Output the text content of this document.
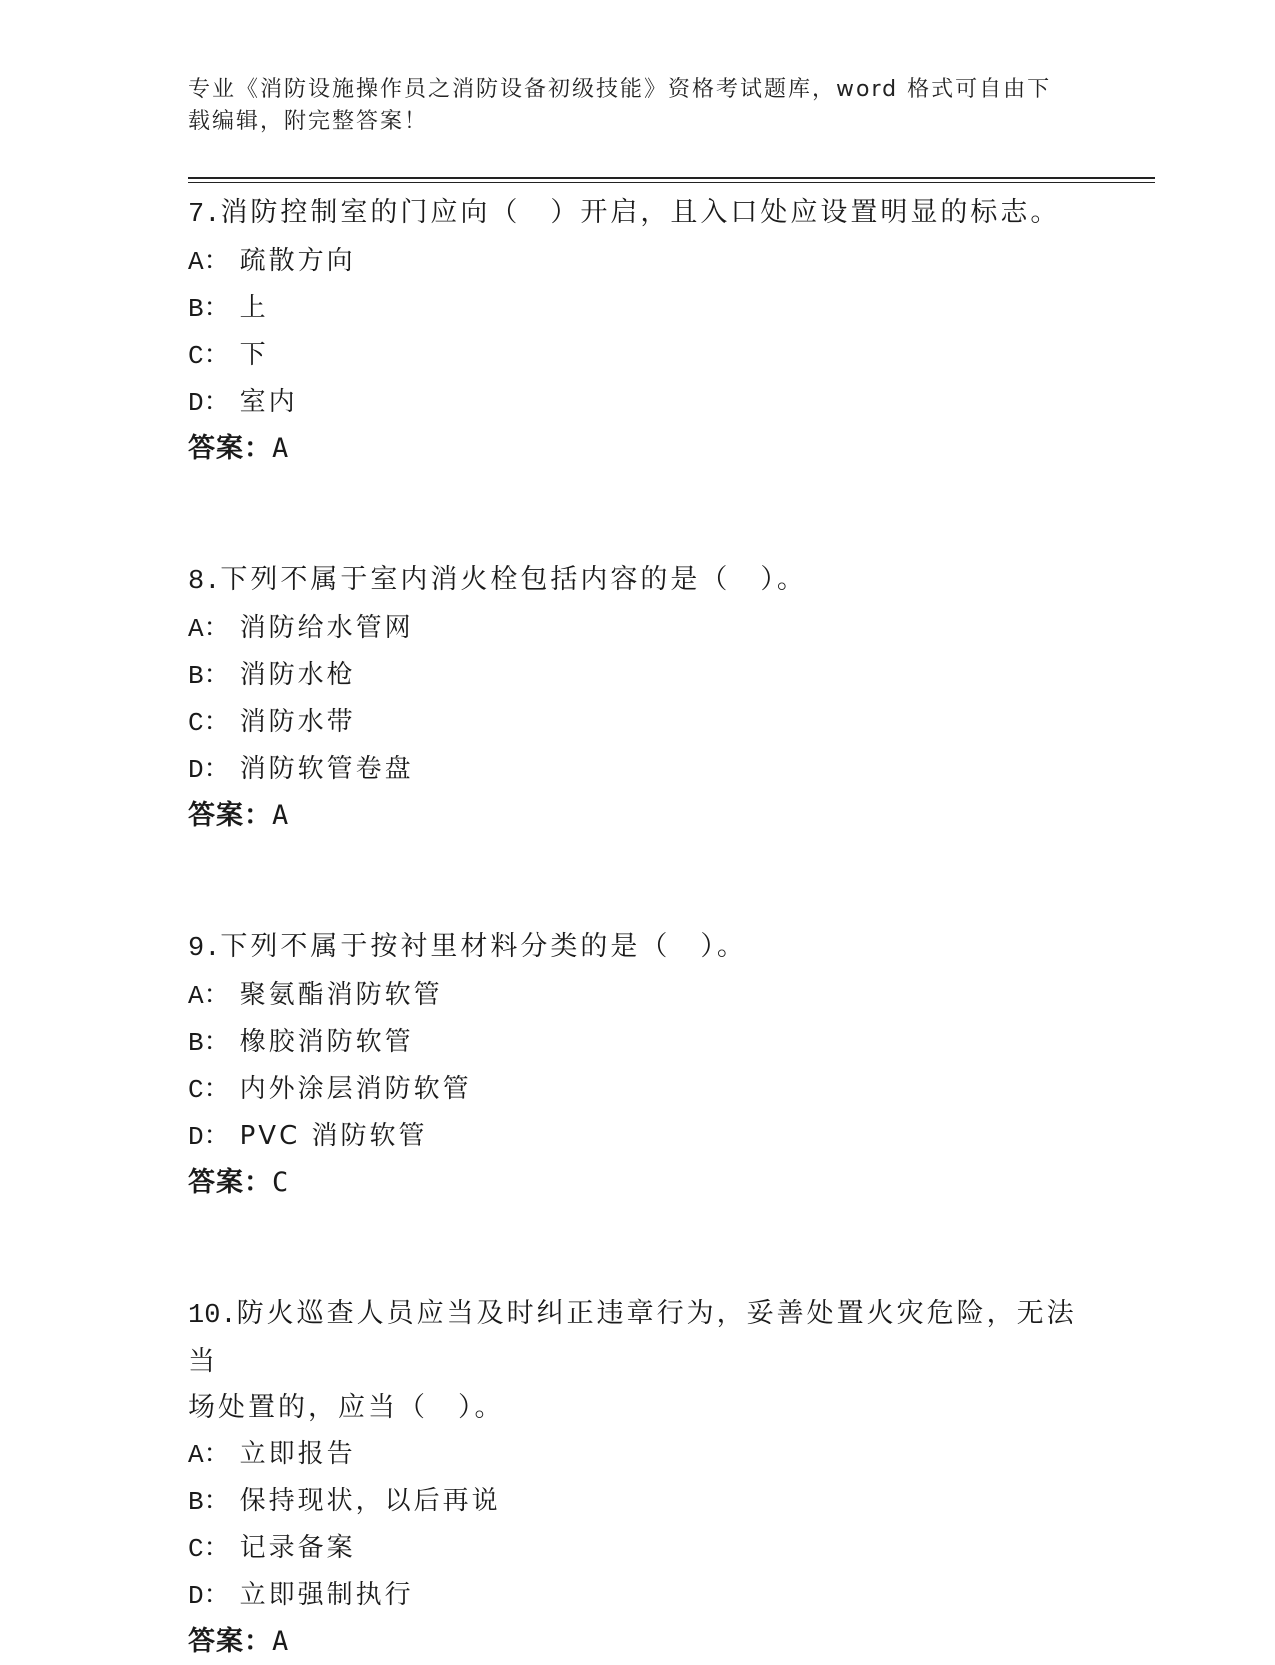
专业《消防设施操作员之消防设备初级技能》资格考试题库，word 格式可自由下
载编辑，附完整答案！

7.消防控制室的门应向（　）开启，且入口处应设置明显的标志。

A： 疏散方向

B： 上

C： 下

D： 室内

答案：A

8.下列不属于室内消火栓包括内容的是（　）。

A： 消防给水管网

B： 消防水枪

C： 消防水带

D： 消防软管卷盘

答案：A

9.下列不属于按衬里材料分类的是（　）。

A： 聚氨酯消防软管

B： 橡胶消防软管

C： 内外涂层消防软管

D： PVC 消防软管

答案：C

10.防火巡查人员应当及时纠正违章行为，妥善处置火灾危险，无法当

场处置的，应当（　）。

A： 立即报告

B： 保持现状，以后再说

C： 记录备案

D： 立即强制执行

答案：A
